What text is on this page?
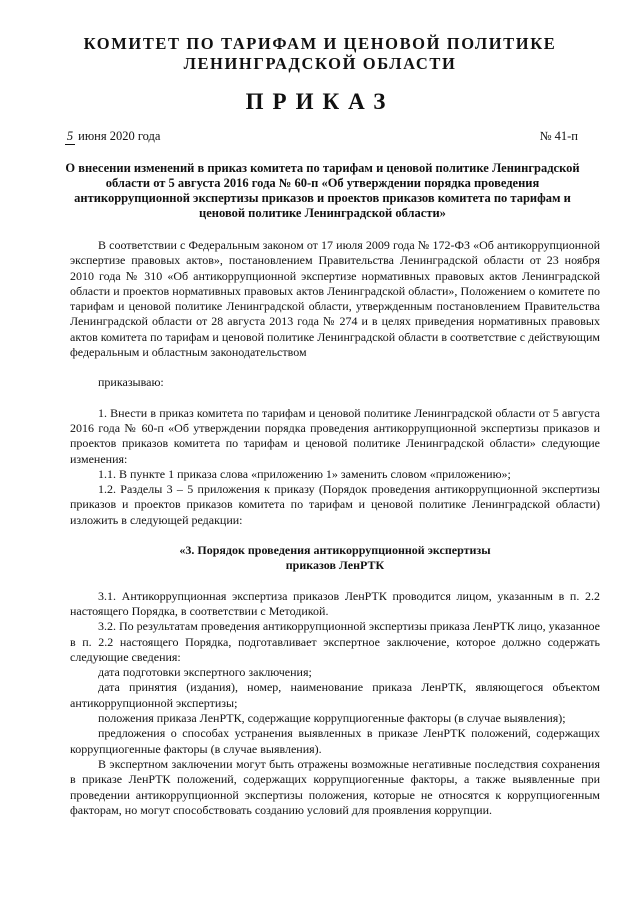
КОМИТЕТ ПО ТАРИФАМ И ЦЕНОВОЙ ПОЛИТИКЕ
ЛЕНИНГРАДСКОЙ ОБЛАСТИ
ПРИКАЗ
5 июня 2020 года	№ 41-п
О внесении изменений в приказ комитета по тарифам и ценовой политике Ленинградской области от 5 августа 2016 года № 60-п «Об утверждении порядка проведения антикоррупционной экспертизы приказов и проектов приказов комитета по тарифам и ценовой политике Ленинградской области»

В соответствии с Федеральным законом от 17 июля 2009 года № 172-ФЗ «Об антикоррупционной экспертизе правовых актов», постановлением Правительства Ленинградской области от 23 ноября 2010 года № 310 «Об антикоррупционной экспертизе нормативных правовых актов Ленинградской области и проектов нормативных правовых актов Ленинградской области», Положением о комитете по тарифам и ценовой политике Ленинградской области, утвержденным постановлением Правительства Ленинградской области от 28 августа 2013 года № 274 и в целях приведения нормативных правовых актов комитета по тарифам и ценовой политике Ленинградской области в соответствие с действующим федеральным и областным законодательством

приказываю:

1. Внести в приказ комитета по тарифам и ценовой политике Ленинградской области от 5 августа 2016 года № 60-п «Об утверждении порядка проведения антикоррупционной экспертизы приказов и проектов приказов комитета по тарифам и ценовой политике Ленинградской области» следующие изменения:

1.1. В пункте 1 приказа слова «приложению 1» заменить словом «приложению»;

1.2. Разделы 3 – 5 приложения к приказу (Порядок проведения антикоррупционной экспертизы приказов и проектов приказов комитета по тарифам и ценовой политике Ленинградской области) изложить в следующей редакции:

«3. Порядок проведения антикоррупционной экспертизы

приказов ЛенРТК

3.1. Антикоррупционная экспертиза приказов ЛенРТК проводится лицом, указанным в п. 2.2 настоящего Порядка, в соответствии с Методикой.

3.2. По результатам проведения антикоррупционной экспертизы приказа ЛенРТК лицо, указанное в п. 2.2 настоящего Порядка, подготавливает экспертное заключение, которое должно содержать следующие сведения:

дата подготовки экспертного заключения;

дата принятия (издания), номер, наименование приказа ЛенРТК, являющегося объектом антикоррупционной экспертизы;

положения приказа ЛенРТК, содержащие коррупциогенные факторы (в случае выявления);

предложения о способах устранения выявленных в приказе ЛенРТК положений, содержащих коррупциогенные факторы (в случае выявления).

В экспертном заключении могут быть отражены возможные негативные последствия сохранения в приказе ЛенРТК положений, содержащих коррупциогенные факторы, а также выявленные при проведении антикоррупционной экспертизы положения, которые не относятся к коррупциогенным факторам, но могут способствовать созданию условий для проявления коррупции.
